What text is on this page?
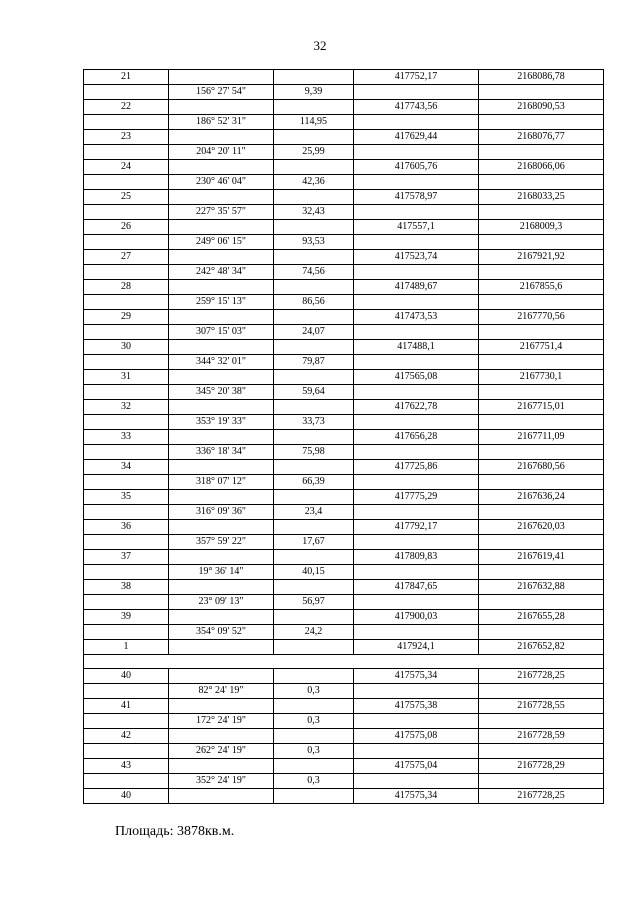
32
21			417752,17	2168086,78
	156° 27' 54"	9,39		
22			417743,56	2168090,53
	186° 52' 31"	114,95		
23			417629,44	2168076,77
	204° 20' 11"	25,99		
24			417605,76	2168066,06
	230° 46' 04"	42,36		
25			417578,97	2168033,25
	227° 35' 57"	32,43		
26			417557,1	2168009,3
	249° 06' 15"	93,53		
27			417523,74	2167921,92
	242° 48' 34"	74,56		
28			417489,67	2167855,6
	259° 15' 13"	86,56		
29			417473,53	2167770,56
	307° 15' 03"	24,07		
30			417488,1	2167751,4
	344° 32' 01"	79,87		
31			417565,08	2167730,1
	345° 20' 38"	59,64		
32			417622,78	2167715,01
	353° 19' 33"	33,73		
33			417656,28	2167711,09
	336° 18' 34"	75,98		
34			417725,86	2167680,56
	318° 07' 12"	66,39		
35			417775,29	2167636,24
	316° 09' 36"	23,4		
36			417792,17	2167620,03
	357° 59' 22"	17,67		
37			417809,83	2167619,41
	19° 36' 14"	40,15		
38			417847,65	2167632,88
	23° 09' 13"	56,97		
39			417900,03	2167655,28
	354° 09' 52"	24,2		
1			417924,1	2167652,82

40			417575,34	2167728,25
	82° 24' 19"	0,3		
41			417575,38	2167728,55
	172° 24' 19"	0,3		
42			417575,08	2167728,59
	262° 24' 19"	0,3		
43			417575,04	2167728,29
	352° 24' 19"	0,3		
40			417575,34	2167728,25
Площадь: 3878кв.м.
